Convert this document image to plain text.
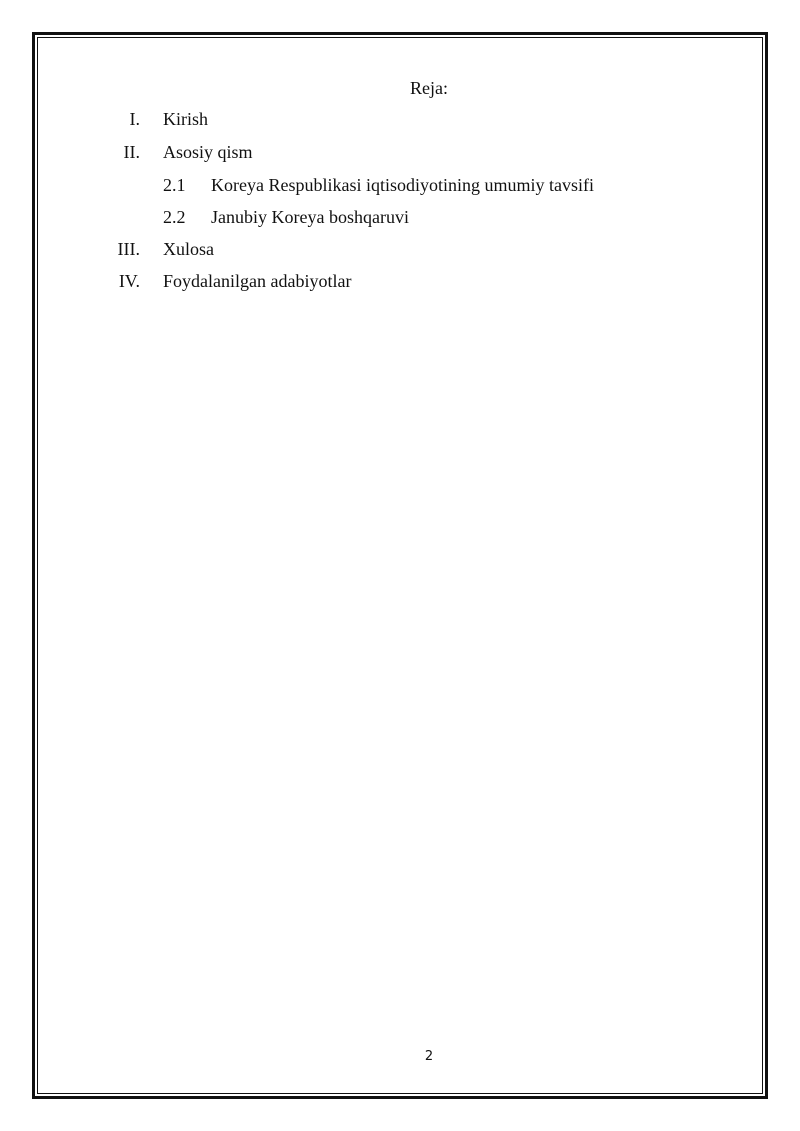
Reja:
I. Kirish
II. Asosiy qism
2.1 Koreya Respublikasi iqtisodiyotining umumiy tavsifi
2.2 Janubiy Koreya boshqaruvi
III. Xulosa
IV. Foydalanilgan adabiyotlar
2
